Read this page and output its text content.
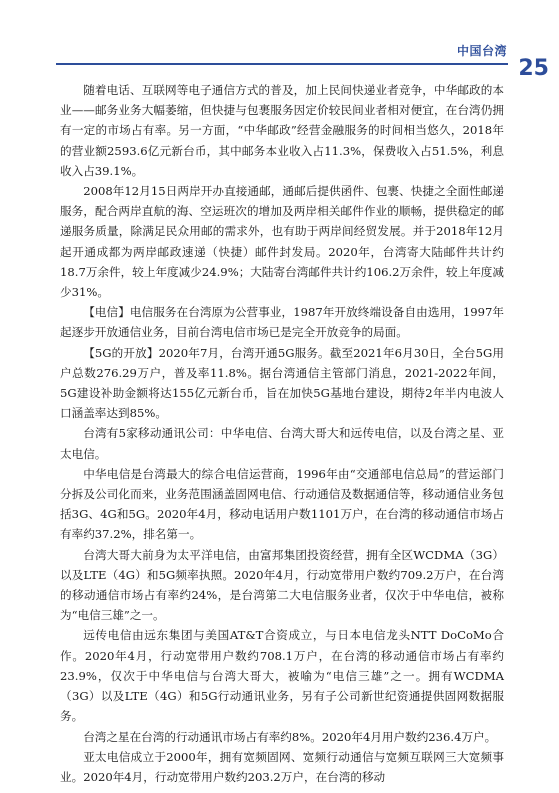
中国台湾
25

随着电话、互联网等电子通信方式的普及，加上民间快递业者竞争，中华邮政的本业——邮务业务大幅萎缩，但快捷与包裹服务因定价较民间业者相对便宜，在台湾仍拥有一定的市场占有率。另一方面，“中华邮政”经营金融服务的时间相当悠久，2018年的营业额2593.6亿元新台币，其中邮务本业收入占11.3%，保费收入占51.5%，利息收入占39.1%。

2008年12月15日两岸开办直接通邮，通邮后提供函件、包裹、快捷之全面性邮递服务，配合两岸直航的海、空运班次的增加及两岸相关邮件作业的顺畅，提供稳定的邮递服务质量，除满足民众用邮的需求外，也有助于两岸间经贸发展。并于2018年12月起开通成都为两岸邮政速递（快捷）邮件封发局。2020年，台湾寄大陆邮件共计约18.7万余件，较上年度减少24.9%；大陆寄台湾邮件共计约106.2万余件，较上年度减少31%。

【电信】电信服务在台湾原为公营事业，1987年开放终端设备自由选用，1997年起逐步开放通信业务，目前台湾电信市场已是完全开放竞争的局面。

【5G的开放】2020年7月，台湾开通5G服务。截至2021年6月30日，全台5G用户总数276.29万户，普及率11.8%。据台湾通信主管部门消息，2021-2022年间，5G建设补助金额将达155亿元新台币，旨在加快5G基地台建设，期待2年半内电波人口涵盖率达到85%。

台湾有5家移动通讯公司：中华电信、台湾大哥大和远传电信，以及台湾之星、亚太电信。

中华电信是台湾最大的综合电信运营商，1996年由“交通部电信总局”的营运部门分拆及公司化而来，业务范围涵盖固网电信、行动通信及数据通信等，移动通信业务包括3G、4G和5G。2020年4月，移动电话用户数1101万户，在台湾的移动通信市场占有率约37.2%，排名第一。

台湾大哥大前身为太平洋电信，由富邦集团投资经营，拥有全区WCDMA（3G）以及LTE（4G）和5G频率执照。2020年4月，行动宽带用户数约709.2万户，在台湾的移动通信市场占有率约24%，是台湾第二大电信服务业者，仅次于中华电信，被称为“电信三雄”之一。

远传电信由远东集团与美国AT&T合资成立，与日本电信龙头NTT DoCoMo合作。2020年4月，行动宽带用户数约708.1万户，在台湾的移动通信市场占有率约23.9%，仅次于中华电信与台湾大哥大，被喻为“电信三雄”之一。拥有WCDMA（3G）以及LTE（4G）和5G行动通讯业务，另有子公司新世纪资通提供固网数据服务。

台湾之星在台湾的行动通讯市场占有率约8%。2020年4月用户数约236.4万户。

亚太电信成立于2000年，拥有宽频固网、宽频行动通信与宽频互联网三大宽频事业。2020年4月，行动宽带用户数约203.2万户，在台湾的移动
